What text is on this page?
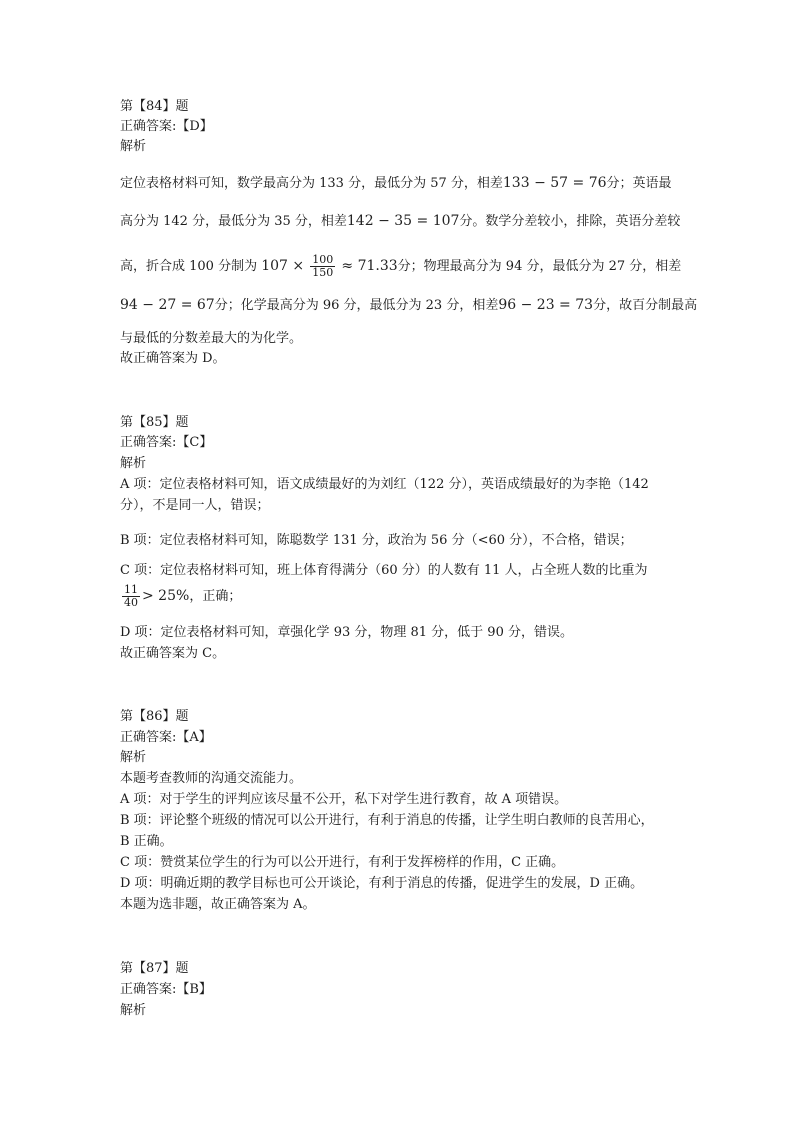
第【84】题
正确答案:【D】
解析
定位表格材料可知，数学最高分为 133 分，最低分为 57 分，相差133 − 57 = 76分；英语最
高分为 142 分，最低分为 35 分，相差142 − 35 = 107分。数学分差较小，排除，英语分差较
高，折合成 100 分制为 $107 \times \frac{100}{150} \approx 71.33$分；物理最高分为 94 分，最低分为 27 分，相差
94 − 27 = 67分；化学最高分为 96 分，最低分为 23 分，相差96 − 23 = 73分，故百分制最高
与最低的分数差最大的为化学。
故正确答案为 D。
第【85】题
正确答案:【C】
解析
A 项：定位表格材料可知，语文成绩最好的为刘红（122 分），英语成绩最好的为李艳（142
分），不是同一人，错误；
B 项：定位表格材料可知，陈聪数学 131 分，政治为 56 分（<60 分），不合格，错误；
C 项：定位表格材料可知，班上体育得满分（60 分）的人数有 11 人，占全班人数的比重为
$\frac{11}{40} > 25\%$，正确；
D 项：定位表格材料可知，章强化学 93 分，物理 81 分，低于 90 分，错误。
故正确答案为 C。
第【86】题
正确答案:【A】
解析
本题考查教师的沟通交流能力。
A 项：对于学生的评判应该尽量不公开，私下对学生进行教育，故 A 项错误。
B 项：评论整个班级的情况可以公开进行，有利于消息的传播，让学生明白教师的良苦用心，
B 正确。
C 项：赞赏某位学生的行为可以公开进行，有利于发挥榜样的作用，C 正确。
D 项：明确近期的教学目标也可公开谈论，有利于消息的传播，促进学生的发展，D 正确。
本题为选非题，故正确答案为 A。
第【87】题
正确答案:【B】
解析
